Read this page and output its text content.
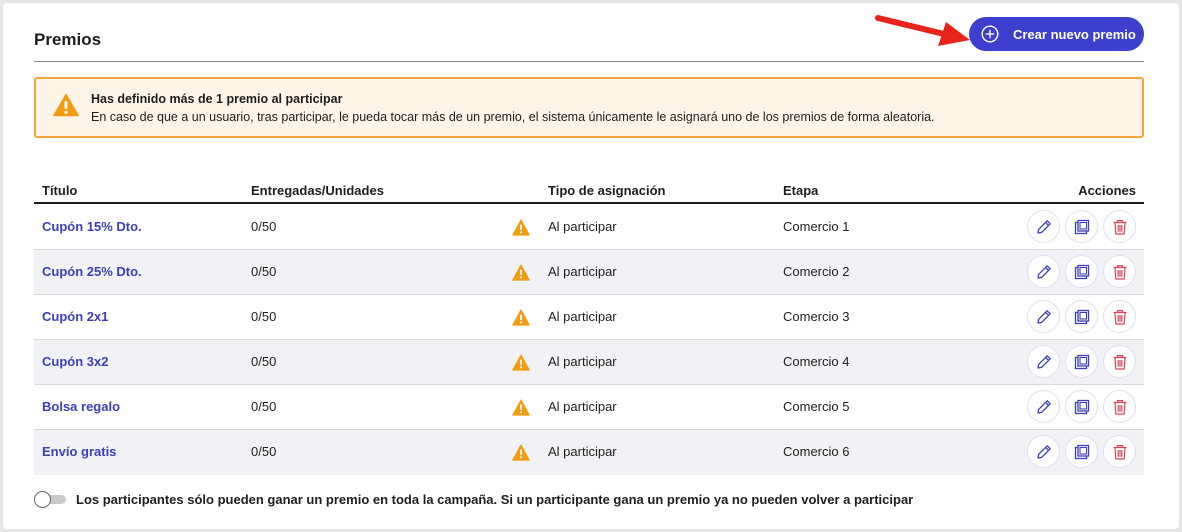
Premios	Crear nuevo premio
Has definido más de 1 premio al participar
En caso de que a un usuario, tras participar, le pueda tocar más de un premio, el sistema únicamente le asignará uno de los premios de forma aleatoria.
Título	Entregadas/Unidades	Tipo de asignación	Etapa	Acciones
Cupón 15% Dto.	0/50	Al participar	Comercio 1
Cupón 25% Dto.	0/50	Al participar	Comercio 2
Cupón 2x1	0/50	Al participar	Comercio 3
Cupón 3x2	0/50	Al participar	Comercio 4
Bolsa regalo	0/50	Al participar	Comercio 5
Envío gratis	0/50	Al participar	Comercio 6
Los participantes sólo pueden ganar un premio en toda la campaña. Si un participante gana un premio ya no pueden volver a participar
